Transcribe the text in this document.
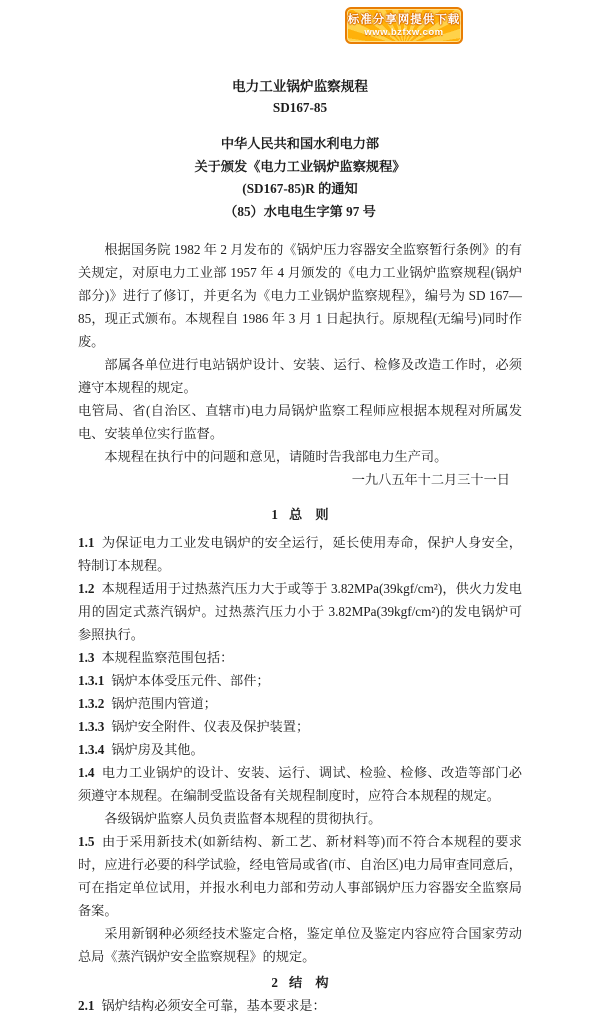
标准分享网提供下载
www.bzfxw.com
电力工业锅炉监察规程
SD167-85
中华人民共和国水利电力部
关于颁发《电力工业锅炉监察规程》
(SD167-85)R 的通知
（85）水电电生字第 97 号

根据国务院 1982 年 2 月发布的《锅炉压力容器安全监察暂行条例》的有关规定，对原电力工业部 1957 年 4 月颁发的《电力工业锅炉监察规程(锅炉部分)》进行了修订，并更名为《电力工业锅炉监察规程》，编号为 SD 167—85，现正式颁布。本规程自 1986 年 3 月 1 日起执行。原规程(无编号)同时作废。

部属各单位进行电站锅炉设计、安装、运行、检修及改造工作时，必须遵守本规程的规定。

电管局、省(自治区、直辖市)电力局锅炉监察工程师应根据本规程对所属发电、安装单位实行监督。

本规程在执行中的问题和意见，请随时告我部电力生产司。

一九八五年十二月三十一日

1 总　则

1.1 为保证电力工业发电锅炉的安全运行，延长使用寿命，保护人身安全，特制订本规程。

1.2 本规程适用于过热蒸汽压力大于或等于 3.82MPa(39kgf/cm²)，供火力发电用的固定式蒸汽锅炉。过热蒸汽压力小于 3.82MPa(39kgf/cm²)的发电锅炉可参照执行。

1.3 本规程监察范围包括：

1.3.1 锅炉本体受压元件、部件；

1.3.2 锅炉范围内管道；

1.3.3 锅炉安全附件、仪表及保护装置；

1.3.4 锅炉房及其他。

1.4 电力工业锅炉的设计、安装、运行、调试、检验、检修、改造等部门必须遵守本规程。在编制受监设备有关规程制度时，应符合本规程的规定。

各级锅炉监察人员负责监督本规程的贯彻执行。

1.5 由于采用新技术(如新结构、新工艺、新材料等)而不符合本规程的要求时，应进行必要的科学试验，经电管局或省(市、自治区)电力局审查同意后，可在指定单位试用，并报水利电力部和劳动人事部锅炉压力容器安全监察局备案。

采用新钢种必须经技术鉴定合格，鉴定单位及鉴定内容应符合国家劳动总局《蒸汽锅炉安全监察规程》的规定。

2 结　构

2.1 锅炉结构必须安全可靠，基本要求是：
